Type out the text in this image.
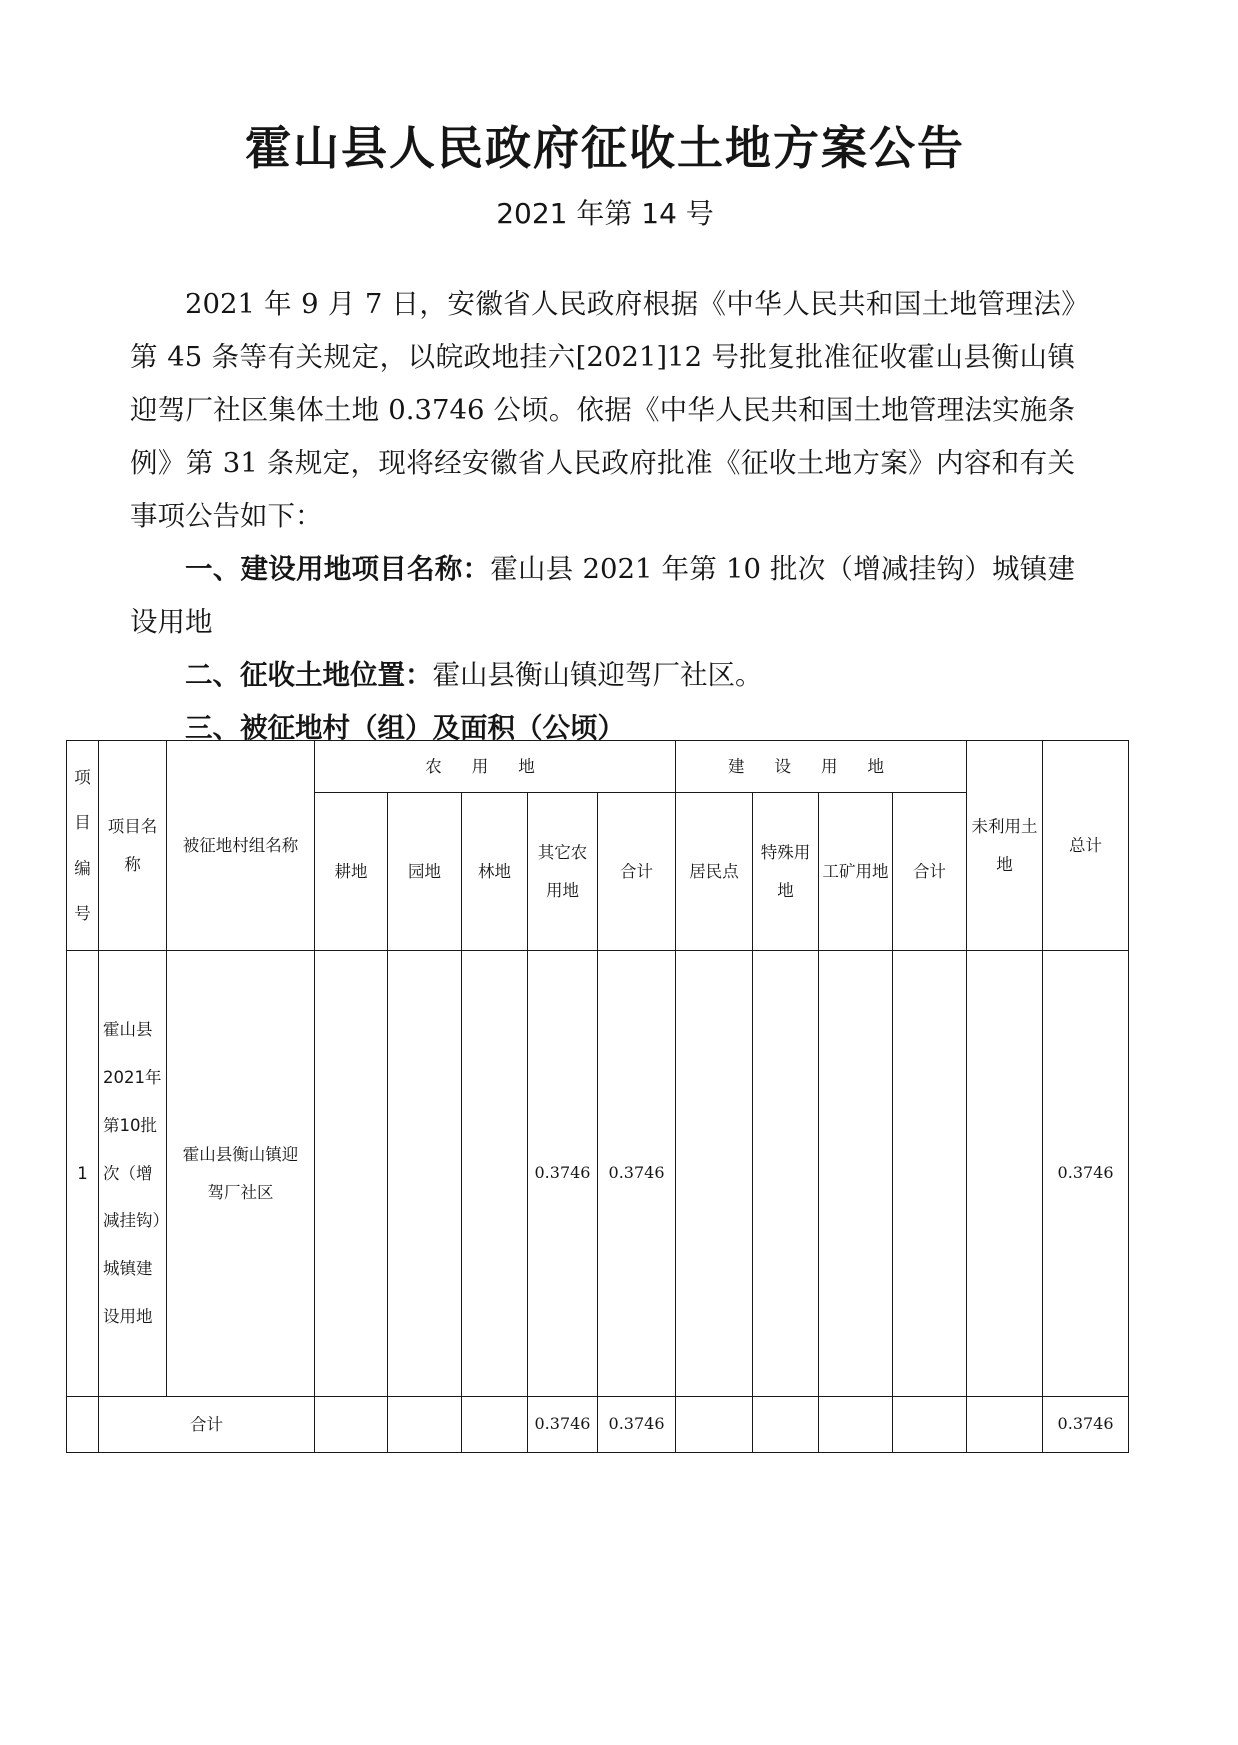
霍山县人民政府征收土地方案公告
2021 年第 14 号

2021 年 9 月 7 日，安徽省人民政府根据《中华人民共和国土地管理法》第 45 条等有关规定，以皖政地挂六[2021]12 号批复批准征收霍山县衡山镇迎驾厂社区集体土地 0.3746 公顷。依据《中华人民共和国土地管理法实施条例》第 31 条规定，现将经安徽省人民政府批准《征收土地方案》内容和有关事项公告如下：

一、建设用地项目名称：霍山县 2021 年第 10 批次（增减挂钩）城镇建设用地

二、征收土地位置：霍山县衡山镇迎驾厂社区。

三、被征地村（组）及面积（公顷）

项目编号	项目名称	被征地村组名称	农用地					建设用地				未利用土地	总计
			耕地	园地	林地	其它农用地	合计	居民点	特殊用地	工矿用地	合计		
1	霍山县2021年第10批次（增减挂钩）城镇建设用地	霍山县衡山镇迎驾厂社区				0.3746	0.3746						0.3746
	合计					0.3746	0.3746						0.3746
